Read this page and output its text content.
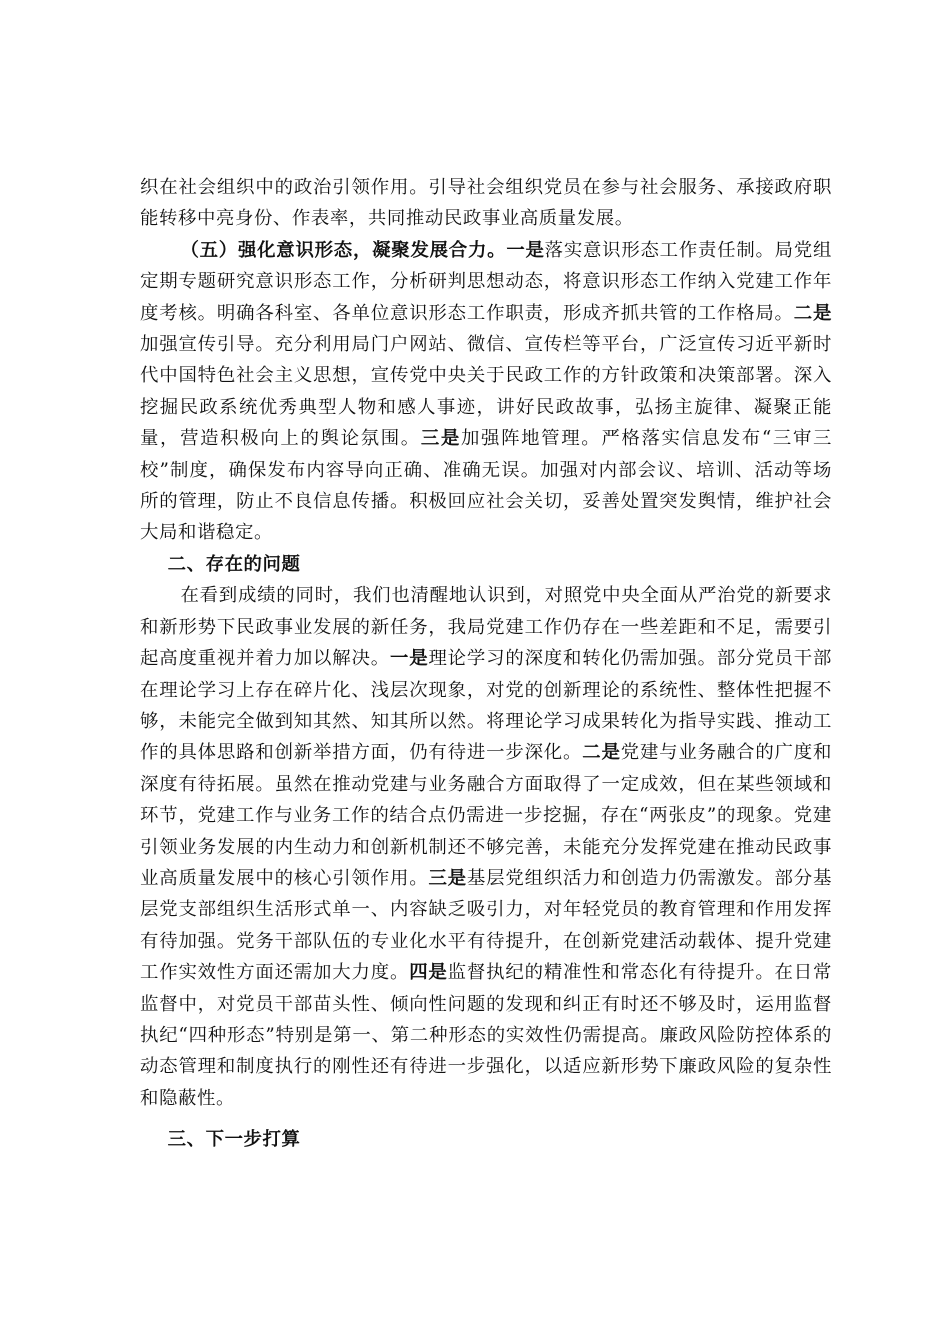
织在社会组织中的政治引领作用。引导社会组织党员在参与社会服务、承接政府职能转移中亮身份、作表率，共同推动民政事业高质量发展。

（五）强化意识形态，凝聚发展合力。一是落实意识形态工作责任制。局党组定期专题研究意识形态工作，分析研判思想动态，将意识形态工作纳入党建工作年度考核。明确各科室、各单位意识形态工作职责，形成齐抓共管的工作格局。二是加强宣传引导。充分利用局门户网站、微信、宣传栏等平台，广泛宣传习近平新时代中国特色社会主义思想，宣传党中央关于民政工作的方针政策和决策部署。深入挖掘民政系统优秀典型人物和感人事迹，讲好民政故事，弘扬主旋律、凝聚正能量，营造积极向上的舆论氛围。三是加强阵地管理。严格落实信息发布“三审三校”制度，确保发布内容导向正确、准确无误。加强对内部会议、培训、活动等场所的管理，防止不良信息传播。积极回应社会关切，妥善处置突发舆情，维护社会大局和谐稳定。

二、存在的问题

在看到成绩的同时，我们也清醒地认识到，对照党中央全面从严治党的新要求和新形势下民政事业发展的新任务，我局党建工作仍存在一些差距和不足，需要引起高度重视并着力加以解决。一是理论学习的深度和转化仍需加强。部分党员干部在理论学习上存在碎片化、浅层次现象，对党的创新理论的系统性、整体性把握不够，未能完全做到知其然、知其所以然。将理论学习成果转化为指导实践、推动工作的具体思路和创新举措方面，仍有待进一步深化。二是党建与业务融合的广度和深度有待拓展。虽然在推动党建与业务融合方面取得了一定成效，但在某些领域和环节，党建工作与业务工作的结合点仍需进一步挖掘，存在“两张皮”的现象。党建引领业务发展的内生动力和创新机制还不够完善，未能充分发挥党建在推动民政事业高质量发展中的核心引领作用。三是基层党组织活力和创造力仍需激发。部分基层党支部组织生活形式单一、内容缺乏吸引力，对年轻党员的教育管理和作用发挥有待加强。党务干部队伍的专业化水平有待提升，在创新党建活动载体、提升党建工作实效性方面还需加大力度。四是监督执纪的精准性和常态化有待提升。在日常监督中，对党员干部苗头性、倾向性问题的发现和纠正有时还不够及时，运用监督执纪“四种形态”特别是第一、第二种形态的实效性仍需提高。廉政风险防控体系的动态管理和制度执行的刚性还有待进一步强化，以适应新形势下廉政风险的复杂性和隐蔽性。

三、下一步打算
